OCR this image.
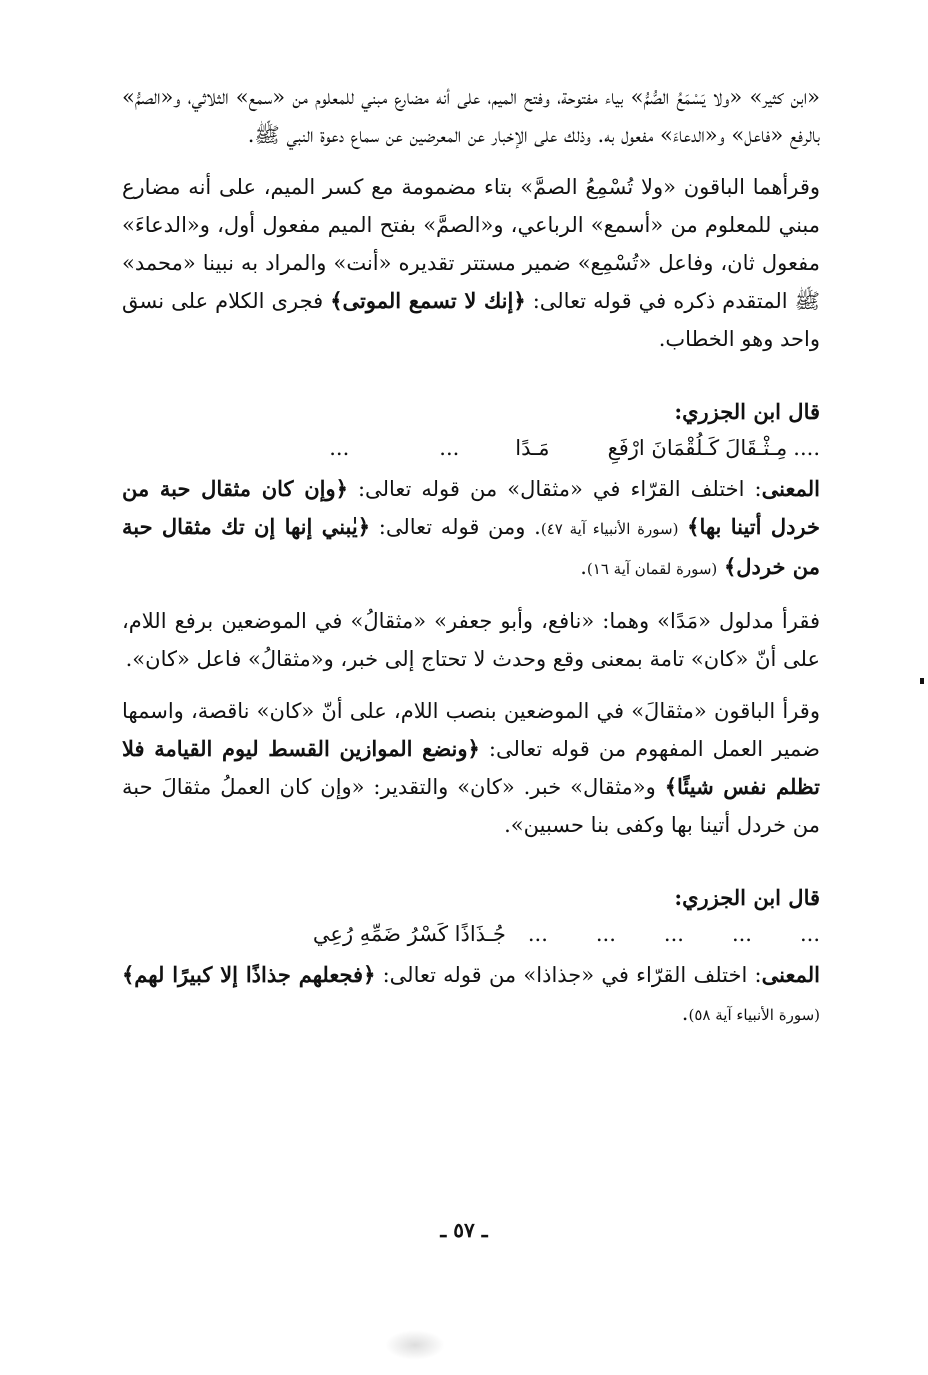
«ابن كثير» «ولا يَسْمَعُ الصُّمُّ» بياء مفتوحة، وفتح الميم، على أنه مضارع مبني للمعلوم من «سمع» الثلاثي، و«الصمُّ» بالرفع «فاعل» و«الدعاءَ» مفعول به. وذلك على الإخبار عن المعرضين عن سماع دعوة النبي ﷺ.

وقرأهما الباقون «ولا تُسْمِعُ الصمَّ» بتاء مضمومة مع كسر الميم، على أنه مضارع مبني للمعلوم من «أسمع» الرباعي، و«الصمَّ» بفتح الميم مفعول أول، و«الدعاءَ» مفعول ثان، وفاعل «تُسْمِع» ضمير مستتر تقديره «أنت» والمراد به نبينا «محمد» ﷺ المتقدم ذكره في قوله تعالى: ﴿إنك لا تسمع الموتى﴾ فجرى الكلام على نسق واحد وهو الخطاب.

قال ابن الجزري:

....
مِـثْـقَالَ
كَـلُقْمَانَ ارْفَعِ
مَـدًا
...
...

المعنى: اختلف القرّاء في «مثقال» من قوله تعالى: ﴿وإن كان مثقال حبة من خردل أتينا بها﴾ (سورة الأنبياء آية ٤٧). ومن قوله تعالى: ﴿يٰبني إنها إن تك مثقال حبة من خردل﴾ (سورة لقمان آية ١٦).

فقرأ مدلول «مَدًا» وهما: «نافع، وأبو جعفر» «مثقالُ» في الموضعين برفع اللام، على أنّ «كان» تامة بمعنى وقع وحدث لا تحتاج إلى خبر، و«مثقالُ» فاعل «كان».

وقرأ الباقون «مثقالَ» في الموضعين بنصب اللام، على أنّ «كان» ناقصة، واسمها ضمير العمل المفهوم من قوله تعالى: ﴿ونضع الموازين القسط ليوم القيامة فلا تظلم نفس شيئًا﴾ و«مثقال» خبر. «كان» والتقدير: «وإن كان العملُ مثقالَ حبة من خردل أتينا بها وكفى بنا حسبين».

قال ابن الجزري:

...
...
...
...
...
جُـذَاذًا كَسْرُ ضَمِّهِ رُعِي

المعنى: اختلف القرّاء في «جذاذا» من قوله تعالى: ﴿فجعلهم جذاذًا إلا كبيرًا لهم﴾ (سورة الأنبياء آية ٥٨).

ـ ٥٧ ـ
